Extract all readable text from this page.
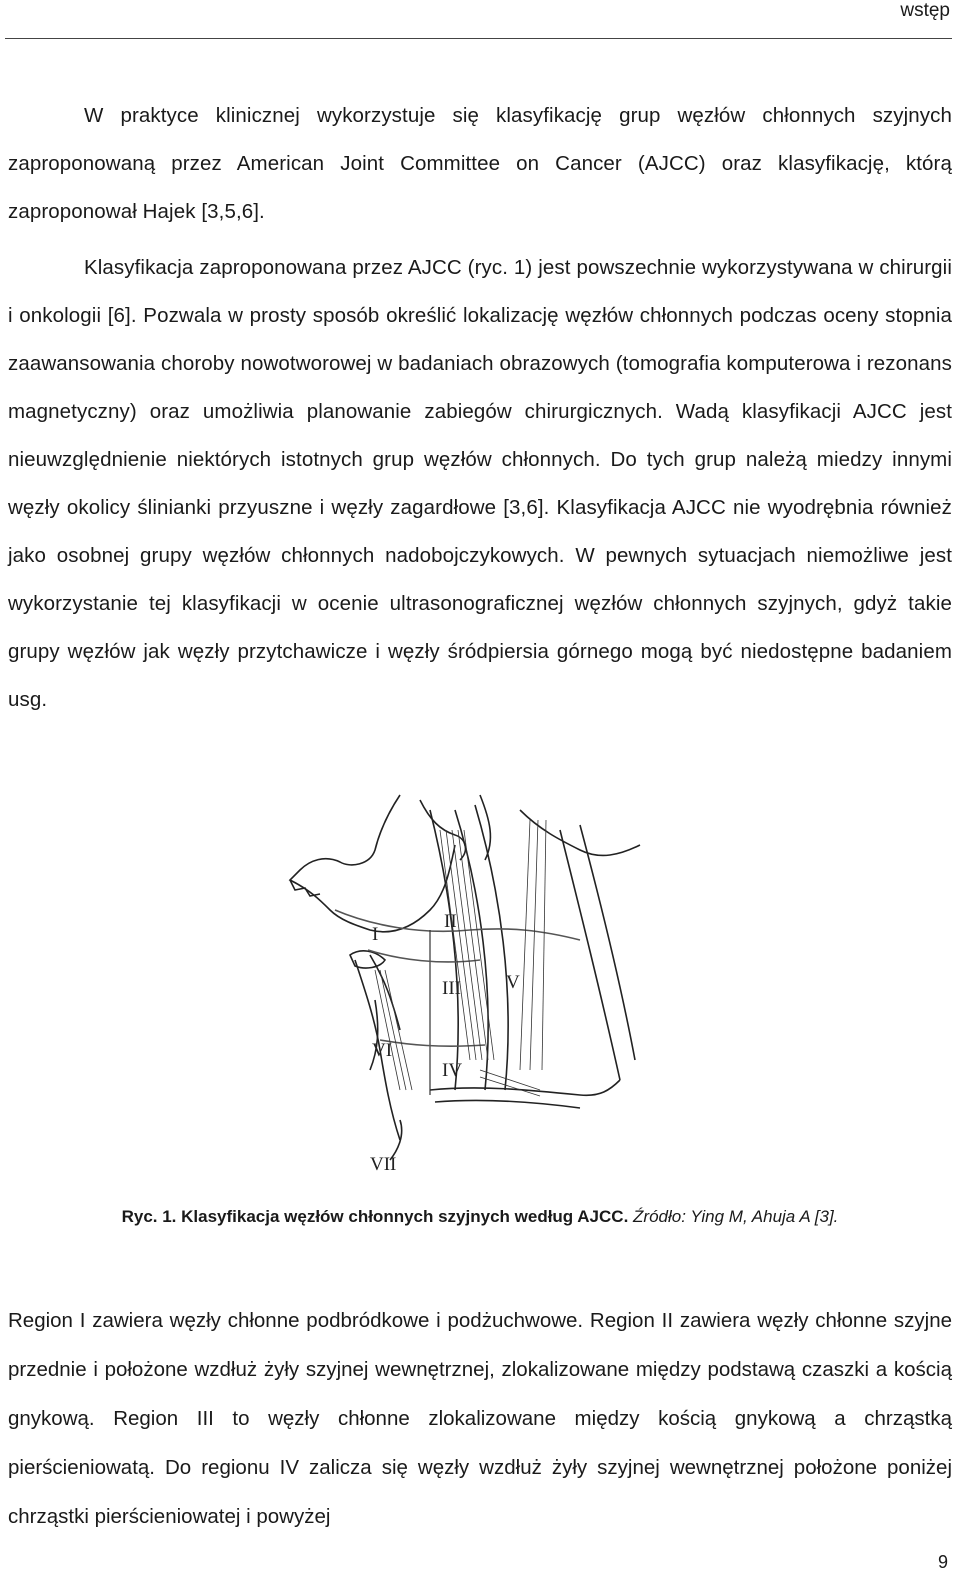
wstęp

W praktyce klinicznej wykorzystuje się klasyfikację grup węzłów chłonnych szyjnych zaproponowaną przez American Joint Committee on Cancer (AJCC) oraz klasyfikację, którą zaproponował Hajek [3,5,6].

Klasyfikacja zaproponowana przez AJCC (ryc. 1) jest powszechnie wykorzystywana w chirurgii i onkologii [6]. Pozwala w prosty sposób określić lokalizację węzłów chłonnych podczas oceny stopnia zaawansowania choroby nowotworowej w badaniach obrazowych (tomografia komputerowa i rezonans magnetyczny) oraz umożliwia planowanie zabiegów chirurgicznych. Wadą klasyfikacji AJCC jest nieuwzględnienie niektórych istotnych grup węzłów chłonnych. Do tych grup należą miedzy innymi węzły okolicy ślinianki przyuszne i węzły zagardłowe [3,6]. Klasyfikacja AJCC nie wyodrębnia również jako osobnej grupy węzłów chłonnych nadobojczykowych. W pewnych sytuacjach niemożliwe jest wykorzystanie tej klasyfikacji w ocenie ultrasonograficznej węzłów chłonnych szyjnych, gdyż takie grupy węzłów jak węzły przytchawicze i węzły śródpiersia górnego mogą być niedostępne badaniem usg.

I
II
III
IV
V
VI
VII
Ryc. 1. Klasyfikacja węzłów chłonnych szyjnych według AJCC. Źródło: Ying M, Ahuja A [3].

Region I zawiera węzły chłonne podbródkowe i podżuchwowe. Region II zawiera węzły chłonne szyjne przednie i położone wzdłuż żyły szyjnej wewnętrznej, zlokalizowane między podstawą czaszki a kością gnykową. Region III to węzły chłonne zlokalizowane między kością gnykową a chrząstką pierścieniowatą. Do regionu IV zalicza się węzły wzdłuż żyły szyjnej wewnętrznej położone poniżej chrząstki pierścieniowatej i powyżej

9
